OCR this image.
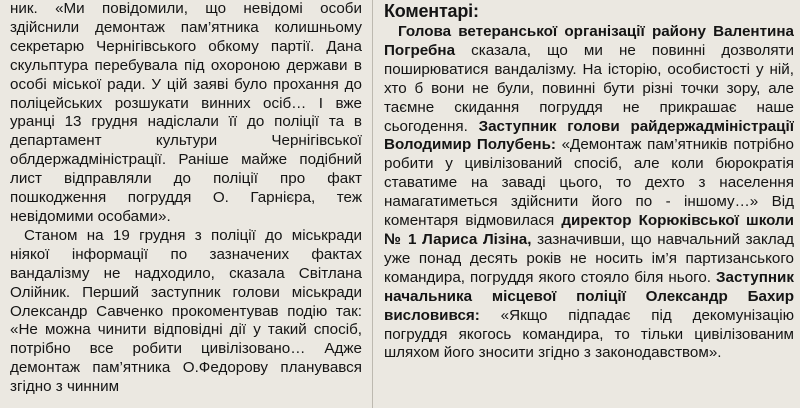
ник. «Ми повідомили, що невідомі особи здійснили демонтаж пам’ятника колишньому секретарю Чернігівського обкому партії. Дана скульптура перебувала під охороною держави в особі міської ради. У цій заяві було прохання до поліцейських розшукати винних осіб… І вже уранці 13 грудня надіслали її до поліції та в департамент культури Чернігівської облдержадміністрації. Раніше майже подібний лист відправляли до поліції про факт пошкодження погруддя О. Гарнієра, теж невідомими особами».

Станом на 19 грудня з поліції до міськради ніякої інформації по зазначених фактах вандалізму не надходило, сказала Світлана Олійник. Перший заступник голови міськради Олександр Савченко прокоментував подію так: «Не можна чинити відповідні дії у такий спосіб, потрібно все робити цивілізовано… Адже демонтаж пам’ятника О.Федорову планувався згідно з чинним

Коментарі:

Голова ветеранської організації району Валентина Погребна сказала, що ми не повинні дозволяти поширюватися вандалізму. На історію, особистості у ній, хто б вони не були, повинні бути різні точки зору, але таємне скидання погруддя не прикрашає наше сьогодення. Заступник голови райдержадміністрації Володимир Полубень: «Демонтаж пам’ятників потрібно робити у цивілізований спосіб, але коли бюрократія ставатиме на заваді цього, то дехто з населення намагатиметься здійснити його по - іншому…» Від коментаря відмовилася директор Корюківської школи № 1 Лариса Лізіна, зазначивши, що навчальний заклад уже понад десять років не носить ім’я партизанського командира, погруддя якого стояло біля нього. Заступник начальника місцевої поліції Олександр Бахир висловився: «Якщо підпадає під декомунізацію погруддя якогось командира, то тільки цивілізованим шляхом його зносити згідно з законодавством».
